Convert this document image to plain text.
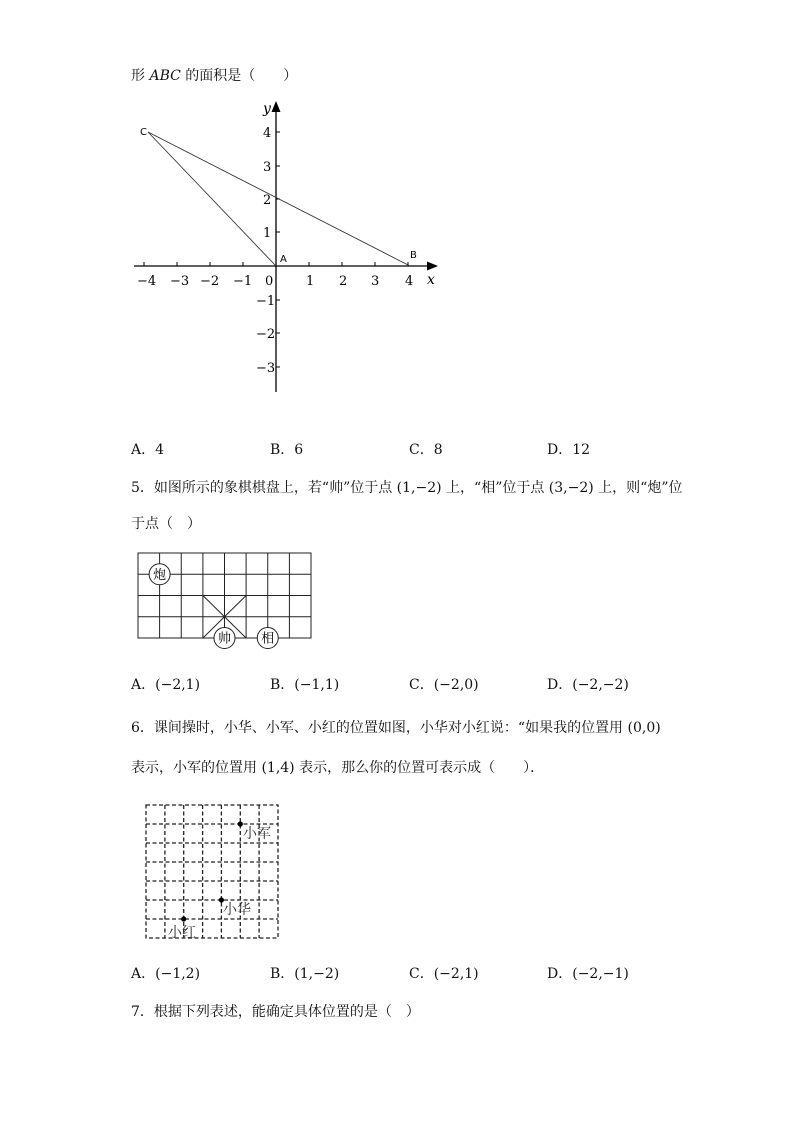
形 ABC 的面积是（　　）
−4 −3 −2 −1 0	1 2 3 4
4
3
2
1
−1
−2
−3
x
y
C
A	B
A．4	B．6	C．8	D．12
5．如图所示的象棋棋盘上，若“帅”位于点 (1,−2) 上，“相”位于点 (3,−2) 上，则“炮”位
于点（　）
炮
帅 相
A．(−2,1)	B．(−1,1)	C．(−2,0)	D．(−2,−2)
6．课间操时，小华、小军、小红的位置如图，小华对小红说：“如果我的位置用 (0,0)
表示，小军的位置用 (1,4) 表示，那么你的位置可表示成（　　）．
小军
小华
小红
A．(−1,2)	B．(1,−2)	C．(−2,1)	D．(−2,−1)
7．根据下列表述，能确定具体位置的是（　）
